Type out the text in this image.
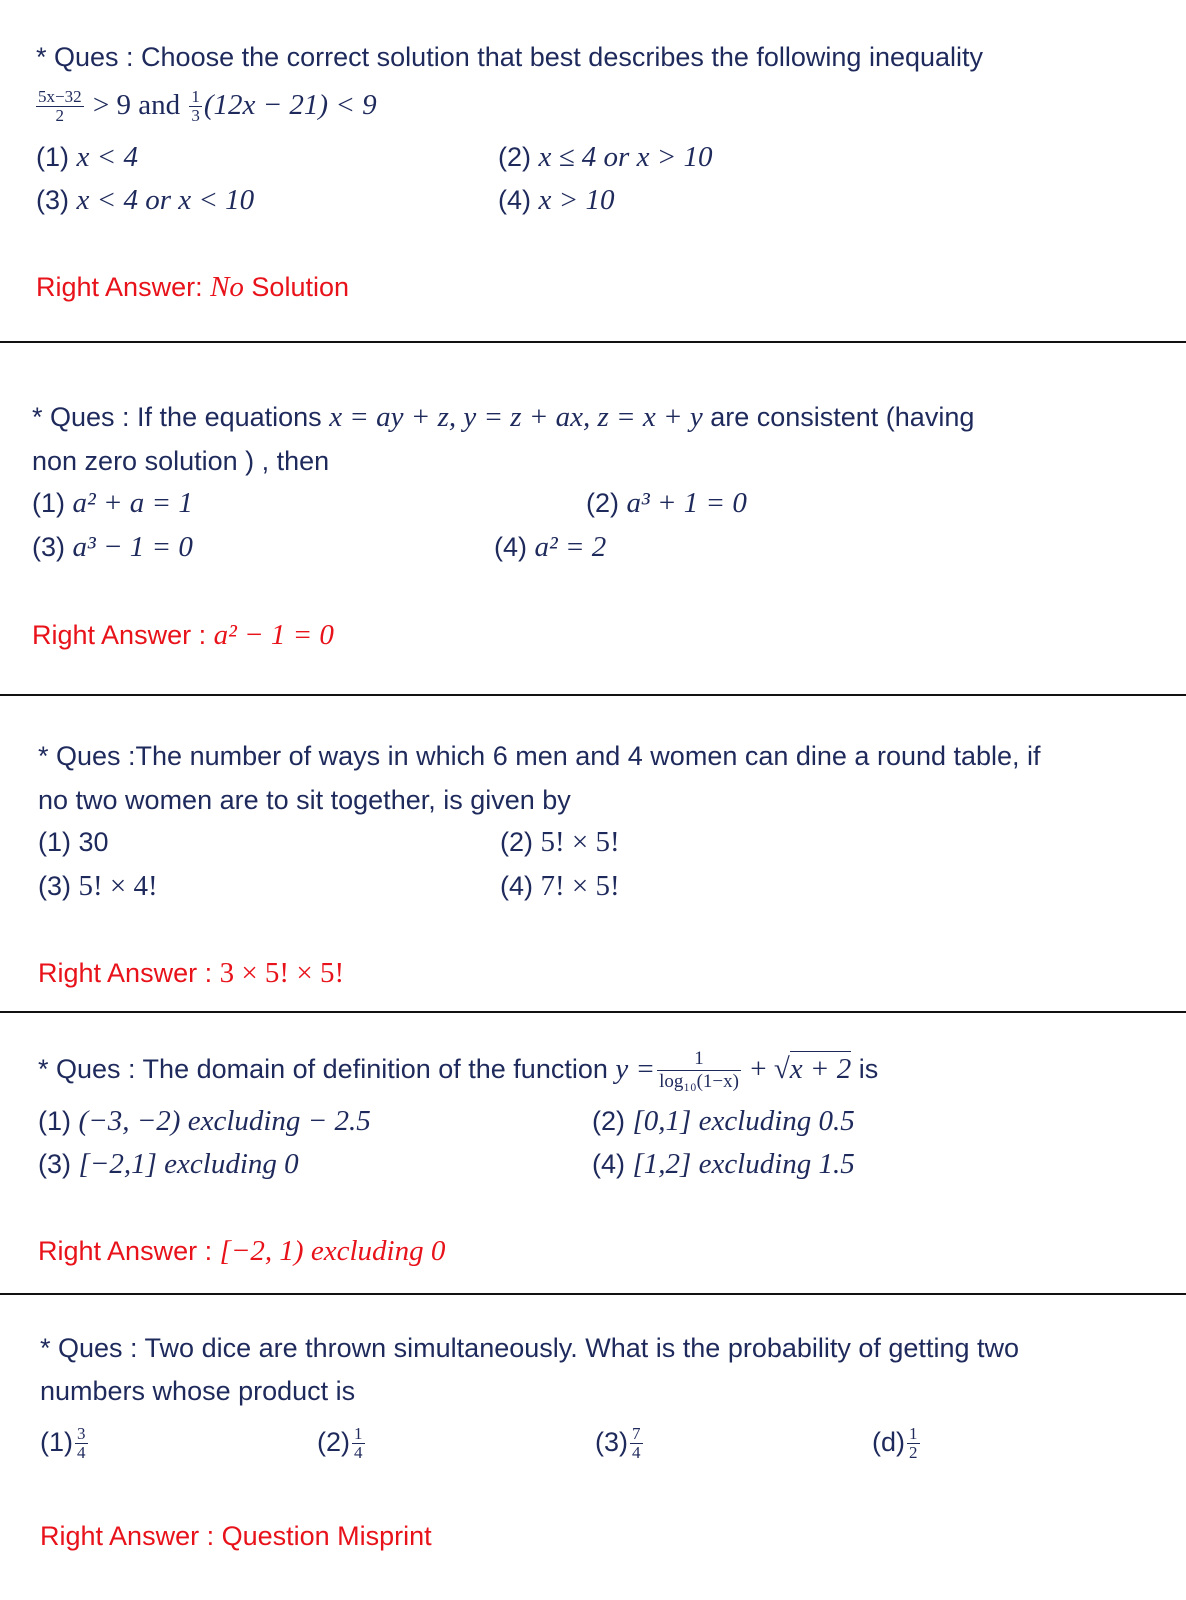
* Ques : Choose the correct solution that best describes the following inequality
$\frac{5x-32}{2} > 9$ and $\frac{1}{3} (12x - 21) < 9$
(1) x < 4	(2) x ≤ 4 or x > 10
(3) x < 4 or x < 10	(4) x > 10
Right Answer: No Solution
* Ques : If the equations x = ay + z, y = z + ax, z = x + y are consistent (having
non zero solution ) , then
(1) a² + a = 1	(2) a³ + 1 = 0
(3) a³ − 1 = 0	(4) a² = 2
Right Answer : a² − 1 = 0
* Ques :The number of ways in which 6 men and 4 women can dine a round table, if
no two women are to sit together, is given by
(1) 30	(2) 5! × 5!
(3) 5! × 4!	(4) 7! × 5!
Right Answer : 3 × 5! × 5!
* Ques : The domain of definition of the function $y = \frac{1}{\text{log₁₀(1−x)}} + √x + 2$ is
(1) (−3, −2) excluding − 2.5	(2) [0,1] excluding 0.5
(3) [−2,1] excluding 0	(4) [1,2] excluding 1.5
Right Answer : [−2, 1) excluding 0
* Ques : Two dice are thrown simultaneously. What is the probability of getting two
numbers whose product is
$(1) \frac{3}{4}$	$(2) \frac{1}{4}$	$(3) \frac{7}{4}$	$(d) \frac{1}{2}$
Right Answer : Question Misprint
